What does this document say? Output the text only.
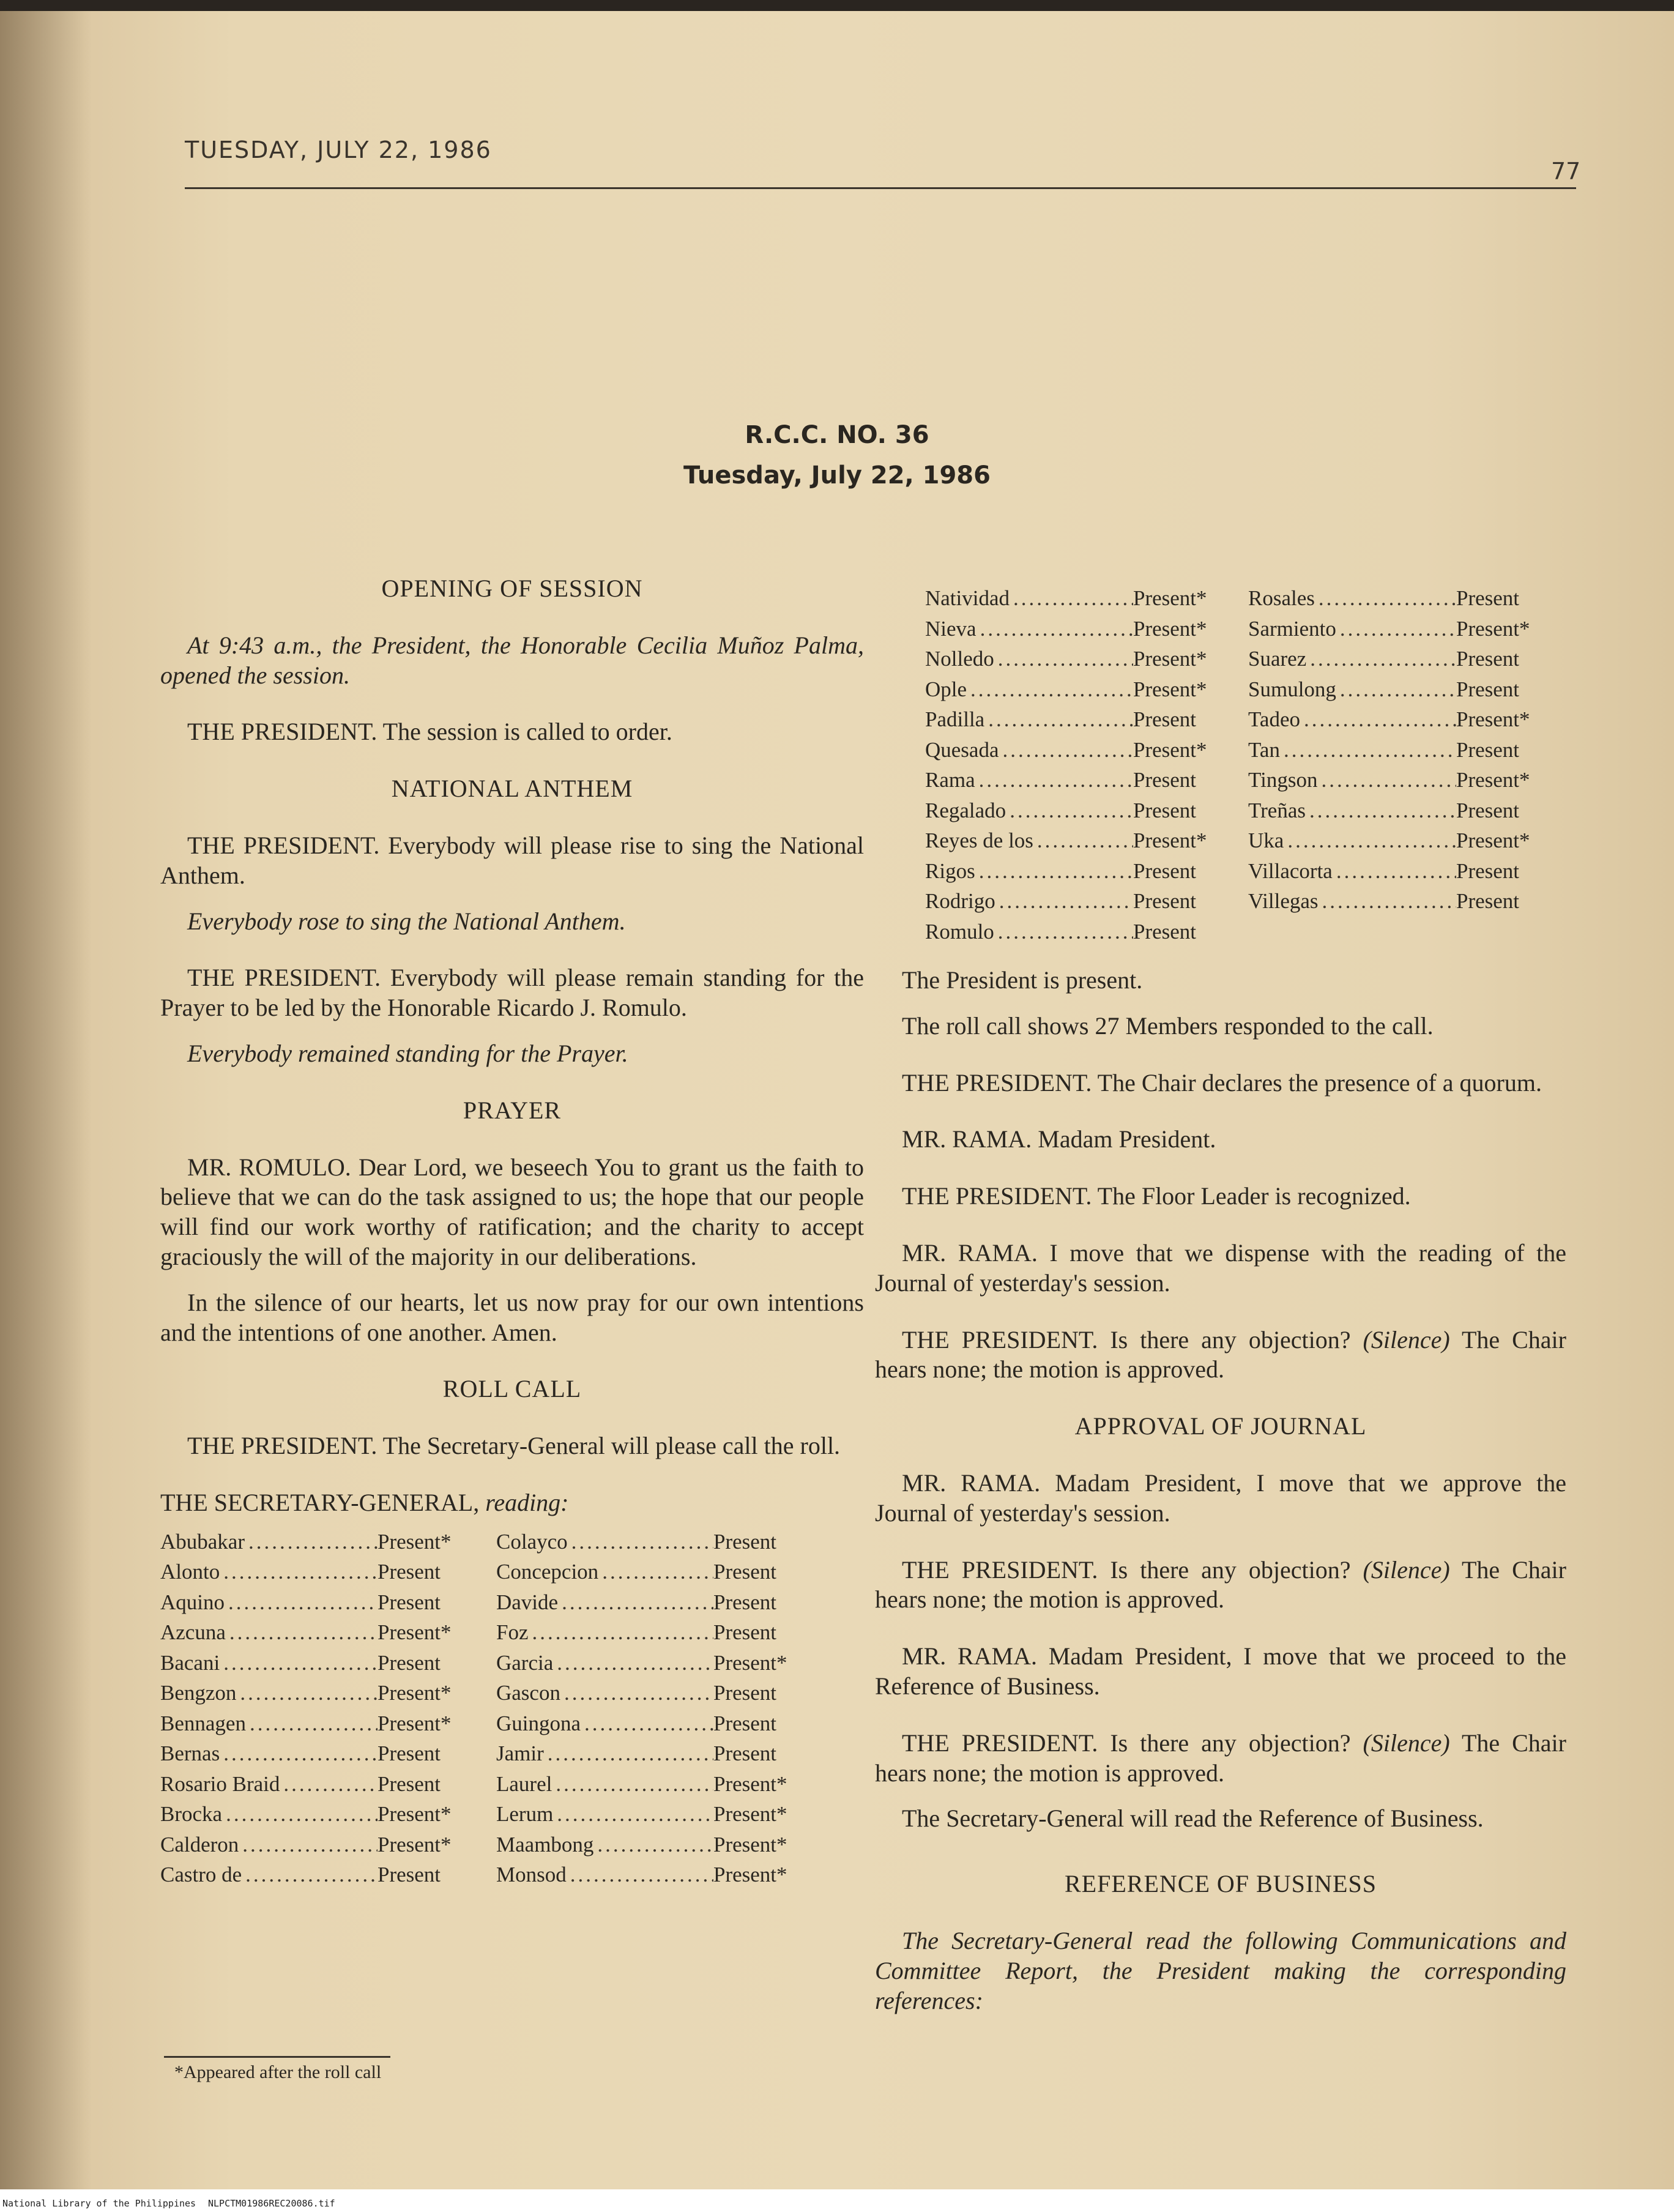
TUESDAY, JULY 22, 1986
77

R.C.C. NO. 36

Tuesday, July 22, 1986

OPENING OF SESSION

At 9:43 a.m., the President, the Honorable Cecilia Muñoz Palma, opened the session.

THE PRESIDENT. The session is called to order.

NATIONAL ANTHEM

THE PRESIDENT. Everybody will please rise to sing the National Anthem.

Everybody rose to sing the National Anthem.

THE PRESIDENT. Everybody will please remain standing for the Prayer to be led by the Honorable Ricardo J. Romulo.

Everybody remained standing for the Prayer.

PRAYER

MR. ROMULO. Dear Lord, we beseech You to grant us the faith to believe that we can do the task assigned to us; the hope that our people will find our work worthy of ratification; and the charity to accept graciously the will of the majority in our deliberations.

In the silence of our hearts, let us now pray for our own intentions and the intentions of one another. Amen.

ROLL CALL

THE PRESIDENT. The Secretary-General will please call the roll.

THE SECRETARY-GENERAL, reading:

Abubakar .....	Present*
Alonto .....	Present
Aquino .....	Present
Azcuna .....	Present*
Bacani .....	Present
Bengzon .....	Present*
Bennagen .....	Present*
Bernas .....	Present
Rosario Braid .....	Present
Brocka .....	Present*
Calderon .....	Present*
Castro de .....	Present
Colayco .....	Present
Concepcion .....	Present
Davide .....	Present
Foz .....	Present
Garcia .....	Present*
Gascon .....	Present
Guingona .....	Present
Jamir .....	Present
Laurel .....	Present*
Lerum .....	Present*
Maambong .....	Present*
Monsod .....	Present*
Natividad .....	Present*
Nieva .....	Present*
Nolledo .....	Present*
Ople .....	Present*
Padilla .....	Present
Quesada .....	Present*
Rama .....	Present
Regalado .....	Present
Reyes de los .....	Present*
Rigos .....	Present
Rodrigo .....	Present
Romulo .....	Present
Rosales .....	Present
Sarmiento .....	Present*
Suarez .....	Present
Sumulong .....	Present
Tadeo .....	Present*
Tan .....	Present
Tingson .....	Present*
Treñas .....	Present
Uka .....	Present*
Villacorta .....	Present
Villegas .....	Present

The President is present.

The roll call shows 27 Members responded to the call.

THE PRESIDENT. The Chair declares the presence of a quorum.

MR. RAMA. Madam President.

THE PRESIDENT. The Floor Leader is recognized.

MR. RAMA. I move that we dispense with the reading of the Journal of yesterday's session.

THE PRESIDENT. Is there any objection? (Silence) The Chair hears none; the motion is approved.

APPROVAL OF JOURNAL

MR. RAMA. Madam President, I move that we approve the Journal of yesterday's session.

THE PRESIDENT. Is there any objection? (Silence) The Chair hears none; the motion is approved.

MR. RAMA. Madam President, I move that we proceed to the Reference of Business.

THE PRESIDENT. Is there any objection? (Silence) The Chair hears none; the motion is approved.

The Secretary-General will read the Reference of Business.

REFERENCE OF BUSINESS

The Secretary-General read the following Communications and Committee Report, the President making the corresponding references:

*Appeared after the roll call
National Library of the Philippines NLPCTM01986REC20086.tif
